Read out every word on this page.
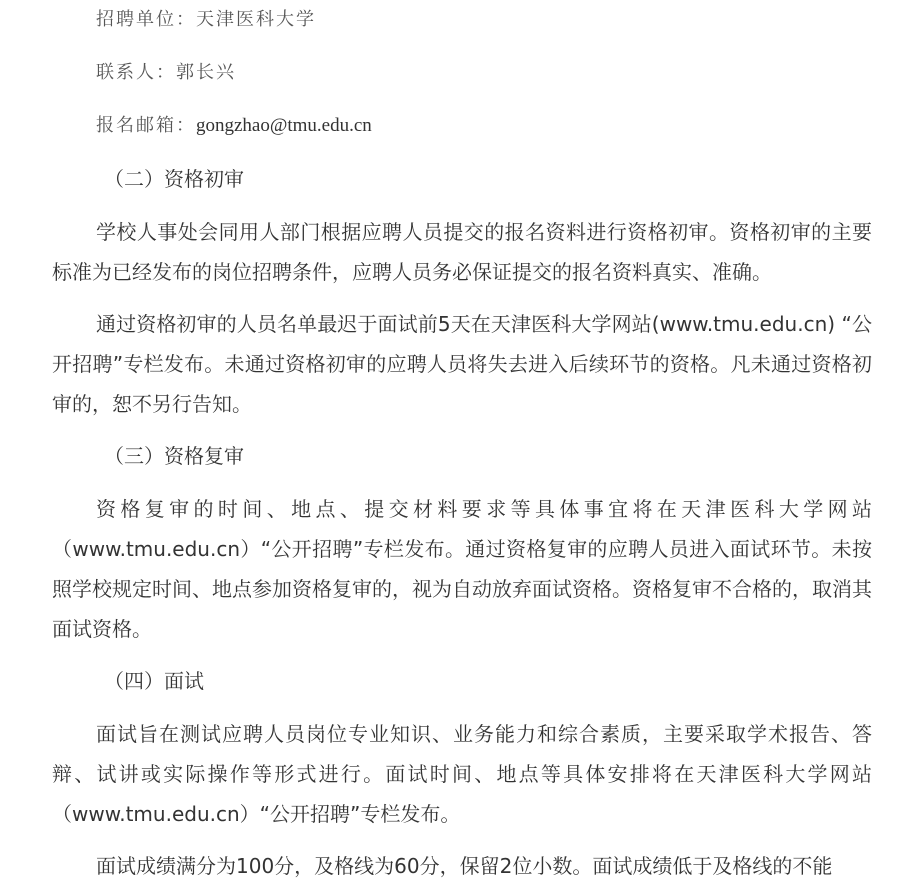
招聘单位：天津医科大学

联系人：郭长兴

报名邮箱：gongzhao@tmu.edu.cn

（二）资格初审

学校人事处会同用人部门根据应聘人员提交的报名资料进行资格初审。资格初审的主要标准为已经发布的岗位招聘条件，应聘人员务必保证提交的报名资料真实、准确。

通过资格初审的人员名单最迟于面试前5天在天津医科大学网站(www.tmu.edu.cn) “公开招聘”专栏发布。未通过资格初审的应聘人员将失去进入后续环节的资格。凡未通过资格初审的，恕不另行告知。

（三）资格复审

资格复审的时间、地点、提交材料要求等具体事宜将在天津医科大学网站（www.tmu.edu.cn）“公开招聘”专栏发布。通过资格复审的应聘人员进入面试环节。未按照学校规定时间、地点参加资格复审的，视为自动放弃面试资格。资格复审不合格的，取消其面试资格。

（四）面试

面试旨在测试应聘人员岗位专业知识、业务能力和综合素质，主要采取学术报告、答辩、试讲或实际操作等形式进行。面试时间、地点等具体安排将在天津医科大学网站（www.tmu.edu.cn）“公开招聘”专栏发布。

面试成绩满分为100分，及格线为60分，保留2位小数。面试成绩低于及格线的不能
